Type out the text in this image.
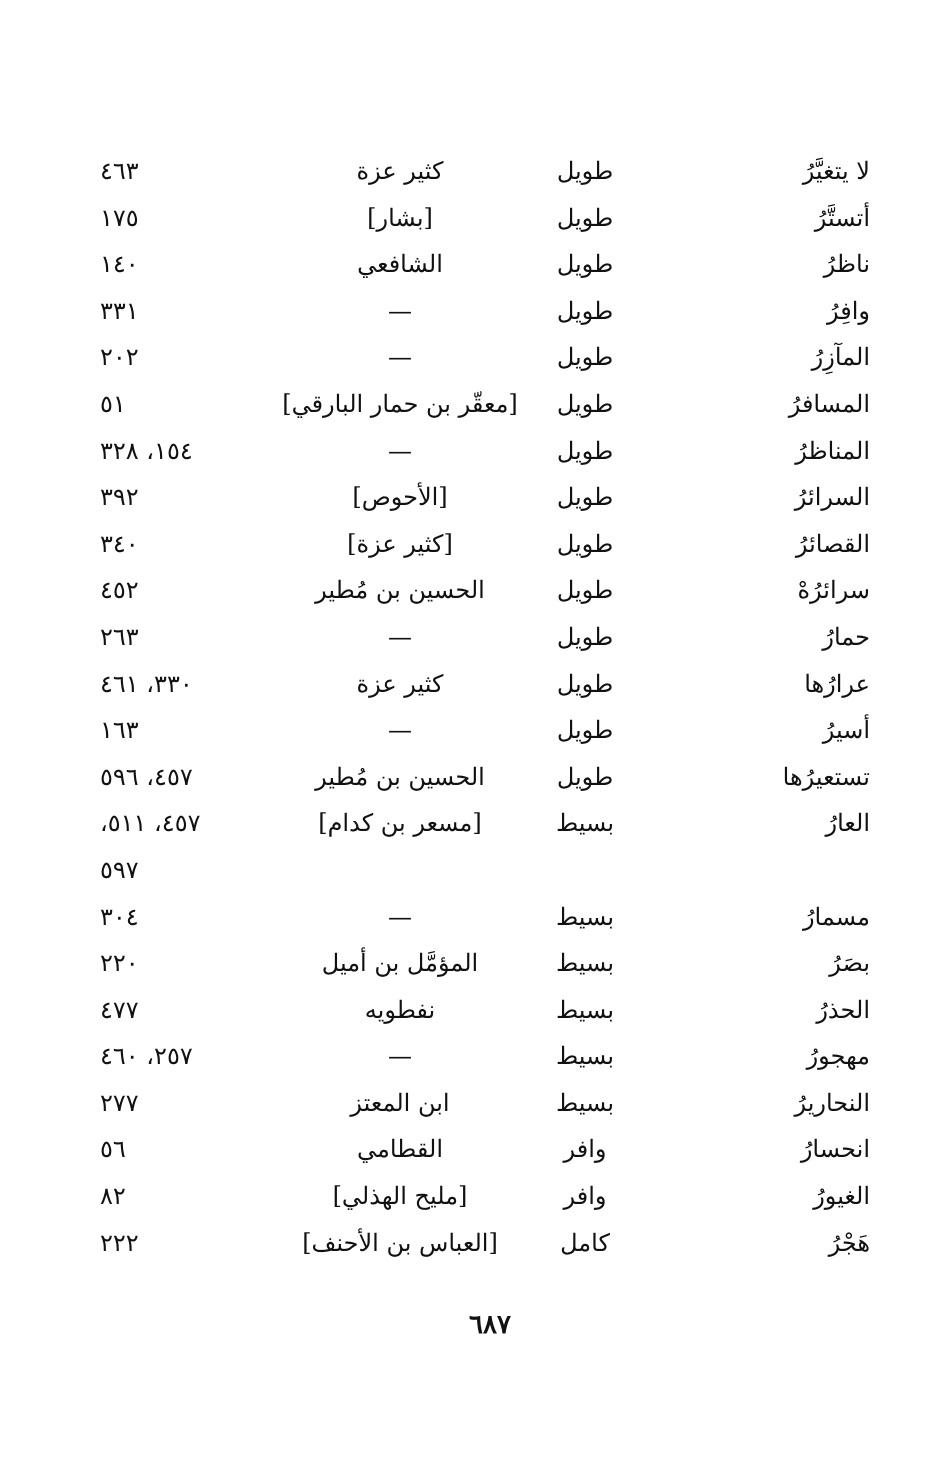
لا يتغيَّرُ
طويل
كثير عزة
٤٦٣
أتستَّرُ
طويل
[بشار]
١٧٥
ناظرُ
طويل
الشافعي
١٤٠
وافِرُ
طويل
—
٣٣١
المآزِرُ
طويل
—
٢٠٢
المسافرُ
طويل
[معقّر بن حمار البارقي]
٥١
المناظرُ
طويل
—
١٥٤، ٣٢٨
السرائرُ
طويل
[الأحوص]
٣٩٢
القصائرُ
طويل
[كثير عزة]
٣٤٠
سرائرُهْ
طويل
الحسين بن مُطير
٤٥٢
حمارُ
طويل
—
٢٦٣
عرارُها
طويل
كثير عزة
٣٣٠، ٤٦١
أسيرُ
طويل
—
١٦٣
تستعيرُها
طويل
الحسين بن مُطير
٤٥٧، ٥٩٦
العارُ
بسيط
[مسعر بن كدام]
٤٥٧، ٥١١،
٥٩٧
مسمارُ
بسيط
—
٣٠٤
بصَرُ
بسيط
المؤمَّل بن أميل
٢٢٠
الحذرُ
بسيط
نفطويه
٤٧٧
مهجورُ
بسيط
—
٢٥٧، ٤٦٠
النحاريرُ
بسيط
ابن المعتز
٢٧٧
انحسارُ
وافر
القطامي
٥٦
الغيورُ
وافر
[مليح الهذلي]
٨٢
هَجْرُ
كامل
[العباس بن الأحنف]
٢٢٢
٦٨٧
